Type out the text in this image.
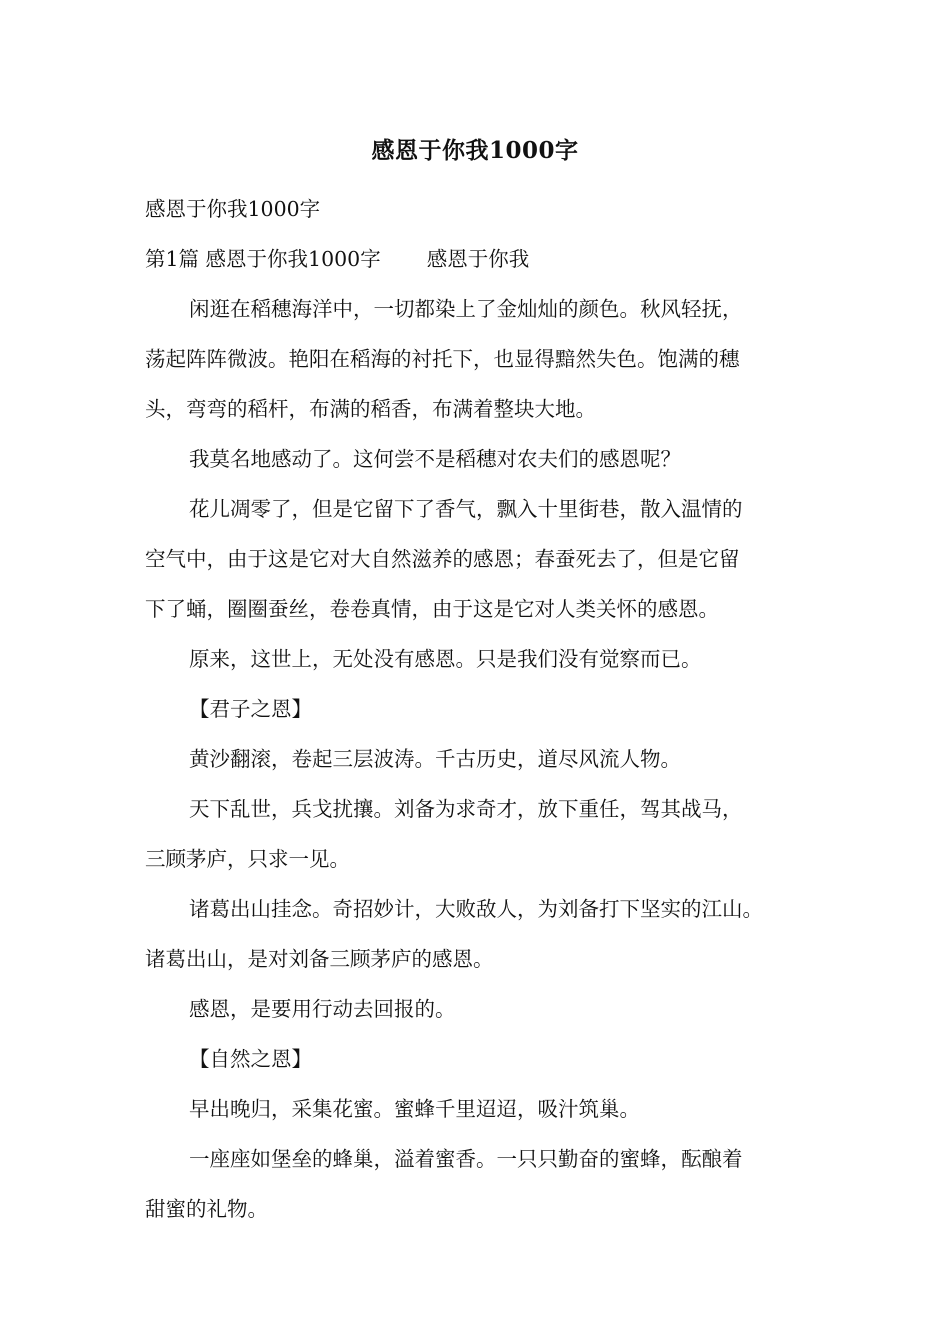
感恩于你我1000字

感恩于你我1000字

第1篇 感恩于你我1000字 感恩于你我

闲逛在稻穗海洋中，一切都染上了金灿灿的颜色。秋风轻抚，

荡起阵阵微波。艳阳在稻海的衬托下，也显得黯然失色。饱满的穗

头，弯弯的稻杆，布满的稻香，布满着整块大地。

我莫名地感动了。这何尝不是稻穗对农夫们的感恩呢？

花儿凋零了，但是它留下了香气，飘入十里街巷，散入温情的

空气中，由于这是它对大自然滋养的感恩；春蚕死去了，但是它留

下了蛹，圈圈蚕丝，卷卷真情，由于这是它对人类关怀的感恩。

原来，这世上，无处没有感恩。只是我们没有觉察而已。

【君子之恩】

黄沙翻滚，卷起三层波涛。千古历史，道尽风流人物。

天下乱世，兵戈扰攘。刘备为求奇才，放下重任，驾其战马，

三顾茅庐，只求一见。

诸葛出山挂念。奇招妙计，大败敌人，为刘备打下坚实的江山。

诸葛出山，是对刘备三顾茅庐的感恩。

感恩，是要用行动去回报的。

【自然之恩】

早出晚归，采集花蜜。蜜蜂千里迢迢，吸汁筑巢。

一座座如堡垒的蜂巢，溢着蜜香。一只只勤奋的蜜蜂，酝酿着

甜蜜的礼物。
